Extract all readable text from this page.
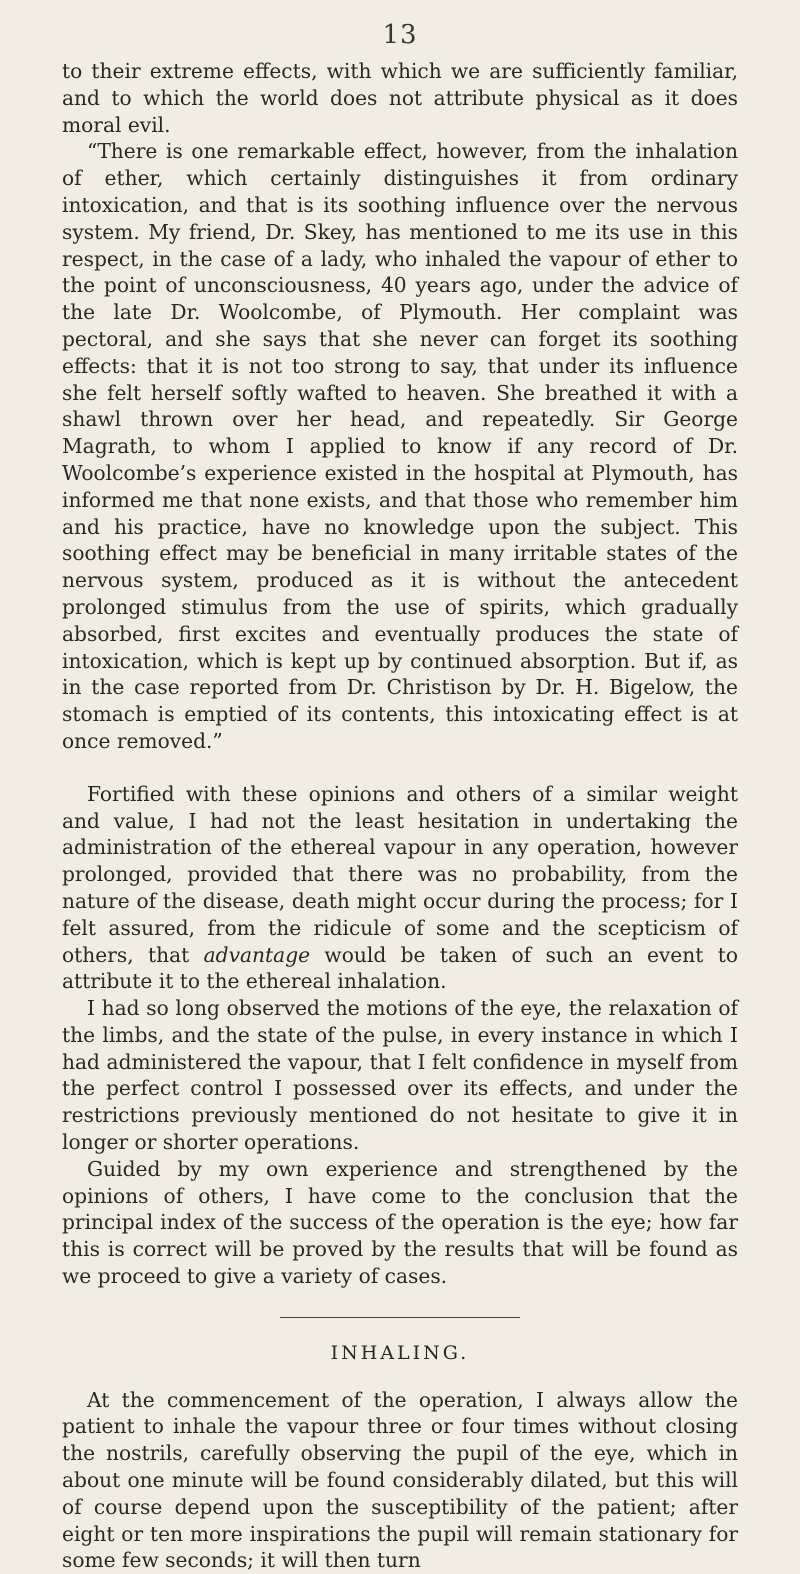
13

to their extreme effects, with which we are sufficiently familiar, and to which the world does not attribute physical as it does moral evil.

“There is one remarkable effect, however, from the inhalation of ether, which certainly distinguishes it from ordinary intoxication, and that is its soothing influence over the nervous system. My friend, Dr. Skey, has mentioned to me its use in this respect, in the case of a lady, who inhaled the vapour of ether to the point of unconsciousness, 40 years ago, under the advice of the late Dr. Woolcombe, of Plymouth. Her complaint was pectoral, and she says that she never can forget its soothing effects: that it is not too strong to say, that under its influence she felt herself softly wafted to heaven. She breathed it with a shawl thrown over her head, and repeatedly. Sir George Magrath, to whom I applied to know if any record of Dr. Woolcombe’s experience existed in the hospital at Plymouth, has informed me that none exists, and that those who remember him and his practice, have no knowledge upon the subject. This soothing effect may be beneficial in many irritable states of the nervous system, produced as it is without the antecedent prolonged stimulus from the use of spirits, which gradually absorbed, first excites and eventually produces the state of intoxication, which is kept up by continued absorption. But if, as in the case reported from Dr. Christison by Dr. H. Bigelow, the stomach is emptied of its contents, this intoxicating effect is at once removed.”

Fortified with these opinions and others of a similar weight and value, I had not the least hesitation in undertaking the administration of the ethereal vapour in any operation, however prolonged, provided that there was no probability, from the nature of the disease, death might occur during the process; for I felt assured, from the ridicule of some and the scepticism of others, that advantage would be taken of such an event to attribute it to the ethereal inhalation.

I had so long observed the motions of the eye, the relaxation of the limbs, and the state of the pulse, in every instance in which I had administered the vapour, that I felt confidence in myself from the perfect control I possessed over its effects, and under the restrictions previously mentioned do not hesitate to give it in longer or shorter operations.

Guided by my own experience and strengthened by the opinions of others, I have come to the conclusion that the principal index of the success of the operation is the eye; how far this is correct will be proved by the results that will be found as we proceed to give a variety of cases.

INHALING.

At the commencement of the operation, I always allow the patient to inhale the vapour three or four times without closing the nostrils, carefully observing the pupil of the eye, which in about one minute will be found considerably dilated, but this will of course depend upon the susceptibility of the patient; after eight or ten more inspirations the pupil will remain stationary for some few seconds; it will then turn
